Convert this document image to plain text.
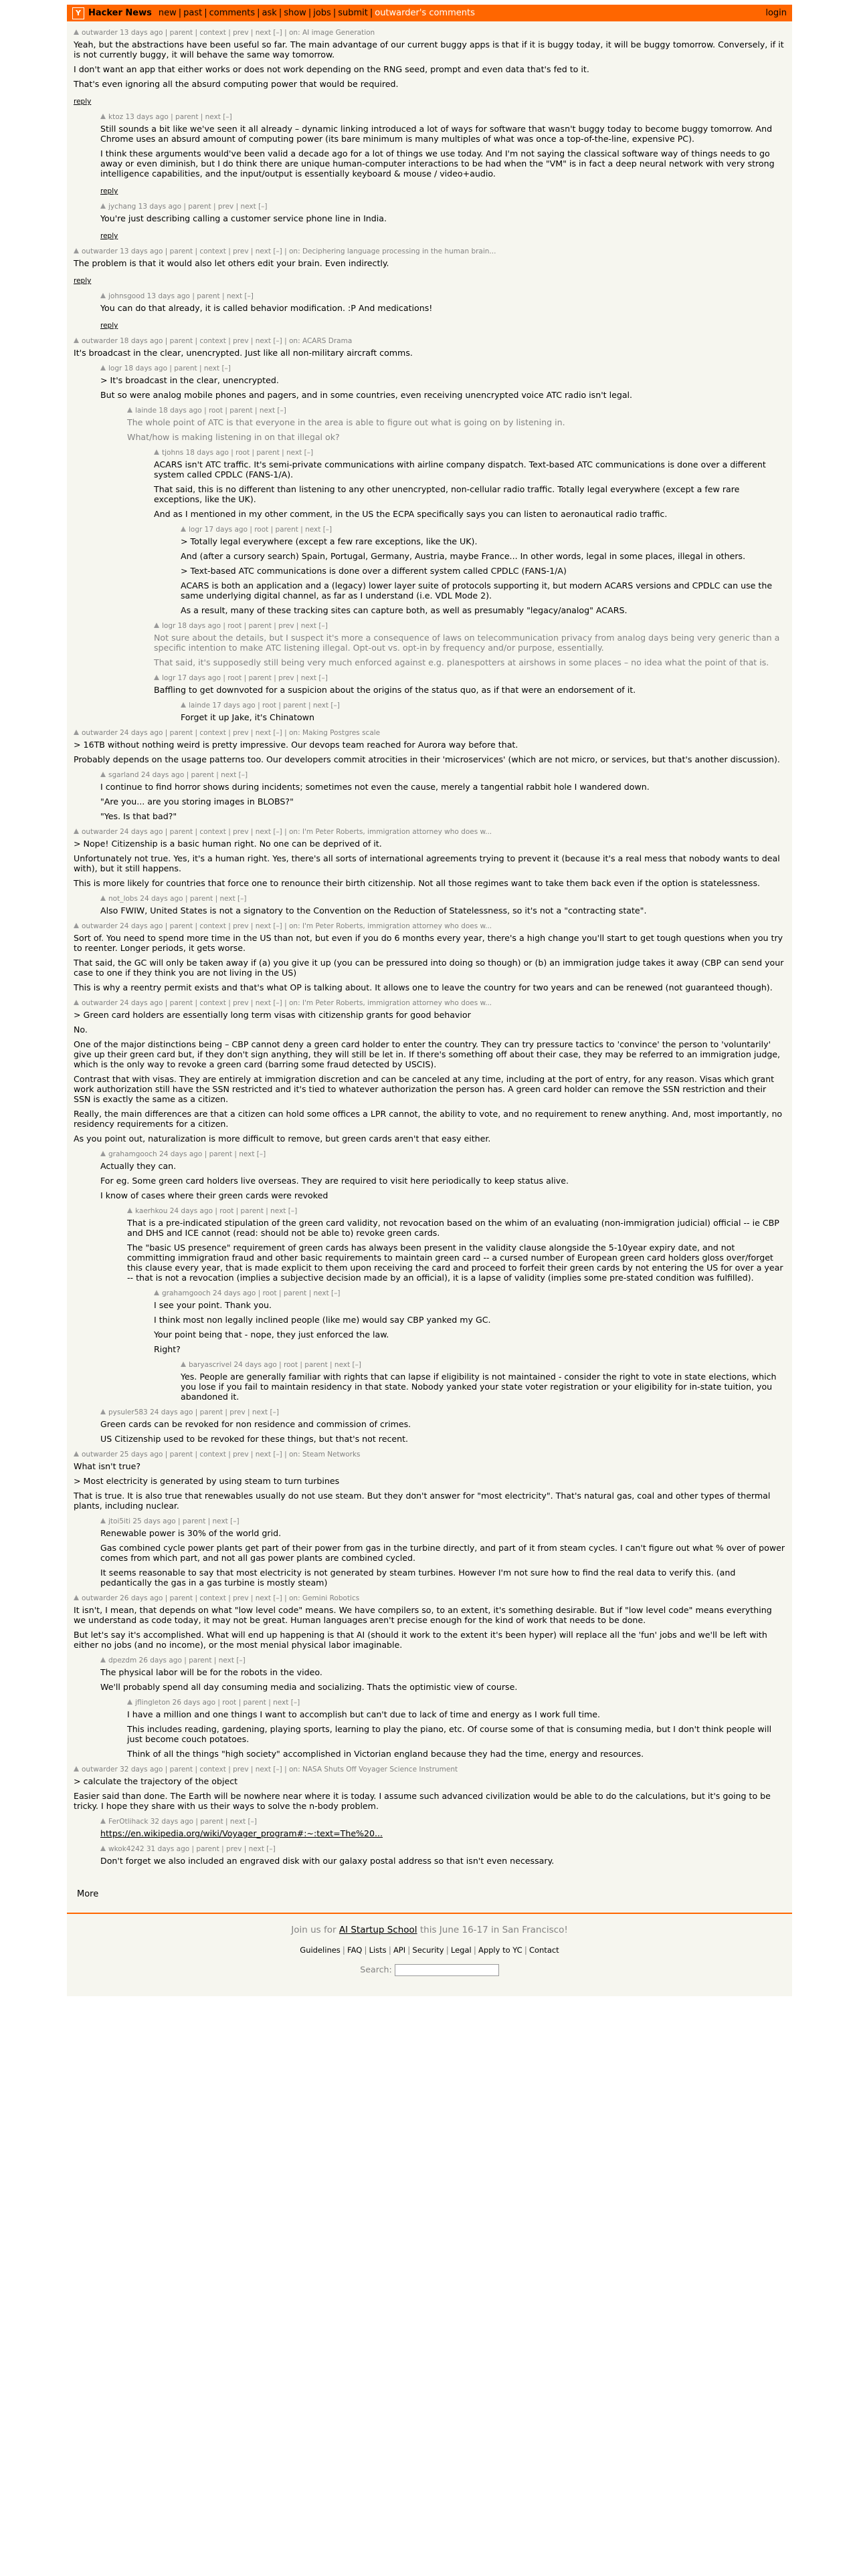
Y Hacker News new | past | comments | ask | show | jobs | submit | outwarder's comments	login
outwarder 13 days ago | parent | context | prev | next [–] | on: AI image Generation

Yeah, but the abstractions have been useful so far. The main advantage of our current buggy apps is that if it is buggy today, it will be buggy tomorrow. Conversely, if it is not currently buggy, it will behave the same way tomorrow.

I don't want an app that either works or does not work depending on the RNG seed, prompt and even data that's fed to it.

That's even ignoring all the absurd computing power that would be required.

reply
ktoz 13 days ago | parent | next [–]

Still sounds a bit like we've seen it all already – dynamic linking introduced a lot of ways for software that wasn't buggy today to become buggy tomorrow. And Chrome uses an absurd amount of computing power (its bare minimum is many multiples of what was once a top-of-the-line, expensive PC).

I think these arguments would've been valid a decade ago for a lot of things we use today. And I'm not saying the classical software way of things needs to go away or even diminish, but I do think there are unique human-computer interactions to be had when the "VM" is in fact a deep neural network with very strong intelligence capabilities, and the input/output is essentially keyboard & mouse / video+audio.

reply
jychang 13 days ago | parent | prev | next [–]

You're just describing calling a customer service phone line in India.

reply
outwarder 13 days ago | parent | context | prev | next [–] | on: Deciphering language processing in the human brain...

The problem is that it would also let others edit your brain. Even indirectly.

reply
johnsgood 13 days ago | parent | next [–]

You can do that already, it is called behavior modification. :P And medications!

reply
outwarder 18 days ago | parent | context | prev | next [–] | on: ACARS Drama

It's broadcast in the clear, unencrypted. Just like all non-military aircraft comms.

logr 18 days ago | parent | next [–]

> It's broadcast in the clear, unencrypted.

But so were analog mobile phones and pagers, and in some countries, even receiving unencrypted voice ATC radio isn't legal.

lainde 18 days ago | root | parent | next [–]

The whole point of ATC is that everyone in the area is able to figure out what is going on by listening in.

What/how is making listening in on that illegal ok?

tjohns 18 days ago | root | parent | next [–]

ACARS isn't ATC traffic. It's semi-private communications with airline company dispatch. Text-based ATC communications is done over a different system called CPDLC (FANS-1/A).

That said, this is no different than listening to any other unencrypted, non-cellular radio traffic. Totally legal everywhere (except a few rare exceptions, like the UK).

And as I mentioned in my other comment, in the US the ECPA specifically says you can listen to aeronautical radio traffic.

logr 17 days ago | root | parent | next [–]

> Totally legal everywhere (except a few rare exceptions, like the UK).

And (after a cursory search) Spain, Portugal, Germany, Austria, maybe France... In other words, legal in some places, illegal in others.

> Text-based ATC communications is done over a different system called CPDLC (FANS-1/A)

ACARS is both an application and a (legacy) lower layer suite of protocols supporting it, but modern ACARS versions and CPDLC can use the same underlying digital channel, as far as I understand (i.e. VDL Mode 2).

As a result, many of these tracking sites can capture both, as well as presumably "legacy/analog" ACARS.

logr 18 days ago | root | parent | prev | next [–]

Not sure about the details, but I suspect it's more a consequence of laws on telecommunication privacy from analog days being very generic than a specific intention to make ATC listening illegal. Opt-out vs. opt-in by frequency and/or purpose, essentially.

That said, it's supposedly still being very much enforced against e.g. planespotters at airshows in some places – no idea what the point of that is.

logr 17 days ago | root | parent | prev | next [–]

Baffling to get downvoted for a suspicion about the origins of the status quo, as if that were an endorsement of it.

lainde 17 days ago | root | parent | next [–]

Forget it up Jake, it's Chinatown

outwarder 24 days ago | parent | context | prev | next [–] | on: Making Postgres scale

> 16TB without nothing weird is pretty impressive. Our devops team reached for Aurora way before that.

Probably depends on the usage patterns too. Our developers commit atrocities in their 'microservices' (which are not micro, or services, but that's another discussion).

sgarland 24 days ago | parent | next [–]

I continue to find horror shows during incidents; sometimes not even the cause, merely a tangential rabbit hole I wandered down.

"Are you... are you storing images in BLOBS?"

"Yes. Is that bad?"

outwarder 24 days ago | parent | context | prev | next [–] | on: I'm Peter Roberts, immigration attorney who does w...

> Nope! Citizenship is a basic human right. No one can be deprived of it.

Unfortunately not true. Yes, it's a human right. Yes, there's all sorts of international agreements trying to prevent it (because it's a real mess that nobody wants to deal with), but it still happens.

This is more likely for countries that force one to renounce their birth citizenship. Not all those regimes want to take them back even if the option is statelessness.

not_lobs 24 days ago | parent | next [–]

Also FWIW, United States is not a signatory to the Convention on the Reduction of Statelessness, so it's not a "contracting state".

outwarder 24 days ago | parent | context | prev | next [–] | on: I'm Peter Roberts, immigration attorney who does w...

Sort of. You need to spend more time in the US than not, but even if you do 6 months every year, there's a high change you'll start to get tough questions when you try to reenter. Longer periods, it gets worse.

That said, the GC will only be taken away if (a) you give it up (you can be pressured into doing so though) or (b) an immigration judge takes it away (CBP can send your case to one if they think you are not living in the US)

This is why a reentry permit exists and that's what OP is talking about. It allows one to leave the country for two years and can be renewed (not guaranteed though).

outwarder 24 days ago | parent | context | prev | next [–] | on: I'm Peter Roberts, immigration attorney who does w...

> Green card holders are essentially long term visas with citizenship grants for good behavior

No.

One of the major distinctions being – CBP cannot deny a green card holder to enter the country. They can try pressure tactics to 'convince' the person to 'voluntarily' give up their green card but, if they don't sign anything, they will still be let in. If there's something off about their case, they may be referred to an immigration judge, which is the only way to revoke a green card (barring some fraud detected by USCIS).

Contrast that with visas. They are entirely at immigration discretion and can be canceled at any time, including at the port of entry, for any reason. Visas which grant work authorization still have the SSN restricted and it's tied to whatever authorization the person has. A green card holder can remove the SSN restriction and their SSN is exactly the same as a citizen.

Really, the main differences are that a citizen can hold some offices a LPR cannot, the ability to vote, and no requirement to renew anything. And, most importantly, no residency requirements for a citizen.

As you point out, naturalization is more difficult to remove, but green cards aren't that easy either.

grahamgooch 24 days ago | parent | next [–]

Actually they can.

For eg. Some green card holders live overseas. They are required to visit here periodically to keep status alive.

I know of cases where their green cards were revoked

kaerhkou 24 days ago | root | parent | next [–]

That is a pre-indicated stipulation of the green card validity, not revocation based on the whim of an evaluating (non-immigration judicial) official -- ie CBP and DHS and ICE cannot (read: should not be able to) revoke green cards.

The "basic US presence" requirement of green cards has always been present in the validity clause alongside the 5-10year expiry date, and not committing immigration fraud and other basic requirements to maintain green card -- a cursed number of European green card holders gloss over/forget this clause every year, that is made explicit to them upon receiving the card and proceed to forfeit their green cards by not entering the US for over a year -- that is not a revocation (implies a subjective decision made by an official), it is a lapse of validity (implies some pre-stated condition was fulfilled).

grahamgooch 24 days ago | root | parent | next [–]

I see your point. Thank you.

I think most non legally inclined people (like me) would say CBP yanked my GC.

Your point being that - nope, they just enforced the law.

Right?

baryascrivel 24 days ago | root | parent | next [–]

Yes. People are generally familiar with rights that can lapse if eligibility is not maintained - consider the right to vote in state elections, which you lose if you fail to maintain residency in that state. Nobody yanked your state voter registration or your eligibility for in-state tuition, you abandoned it.

pysuler583 24 days ago | parent | prev | next [–]

Green cards can be revoked for non residence and commission of crimes.

US Citizenship used to be revoked for these things, but that's not recent.

outwarder 25 days ago | parent | context | prev | next [–] | on: Steam Networks

What isn't true?

> Most electricity is generated by using steam to turn turbines

That is true. It is also true that renewables usually do not use steam. But they don't answer for "most electricity". That's natural gas, coal and other types of thermal plants, including nuclear.

jtoi5iti 25 days ago | parent | next [–]

Renewable power is 30% of the world grid.

Gas combined cycle power plants get part of their power from gas in the turbine directly, and part of it from steam cycles. I can't figure out what % over of power comes from which part, and not all gas power plants are combined cycled.

It seems reasonable to say that most electricity is not generated by steam turbines. However I'm not sure how to find the real data to verify this. (and pedantically the gas in a gas turbine is mostly steam)

outwarder 26 days ago | parent | context | prev | next [–] | on: Gemini Robotics

It isn't, I mean, that depends on what "low level code" means. We have compilers so, to an extent, it's something desirable. But if "low level code" means everything we understand as code today, it may not be great. Human languages aren't precise enough for the kind of work that needs to be done.

But let's say it's accomplished. What will end up happening is that AI (should it work to the extent it's been hyper) will replace all the 'fun' jobs and we'll be left with either no jobs (and no income), or the most menial physical labor imaginable.

dpezdm 26 days ago | parent | next [–]

The physical labor will be for the robots in the video.

We'll probably spend all day consuming media and socializing. Thats the optimistic view of course.

jflingleton 26 days ago | root | parent | next [–]

I have a million and one things I want to accomplish but can't due to lack of time and energy as I work full time.

This includes reading, gardening, playing sports, learning to play the piano, etc. Of course some of that is consuming media, but I don't think people will just become couch potatoes.

Think of all the things "high society" accomplished in Victorian england because they had the time, energy and resources.

outwarder 32 days ago | parent | context | prev | next [–] | on: NASA Shuts Off Voyager Science Instrument

> calculate the trajectory of the object

Easier said than done. The Earth will be nowhere near where it is today. I assume such advanced civilization would be able to do the calculations, but it's going to be tricky. I hope they share with us their ways to solve the n-body problem.

FerOtlihack 32 days ago | parent | next [–]

https://en.wikipedia.org/wiki/Voyager_program#:~:text=The%20...

wkok4242 31 days ago | parent | prev | next [–]

Don't forget we also included an engraved disk with our galaxy postal address so that isn't even necessary.

More
Join us for AI Startup School this June 16-17 in San Francisco!
Guidelines | FAQ | Lists | API | Security | Legal | Apply to YC | Contact
Search:
